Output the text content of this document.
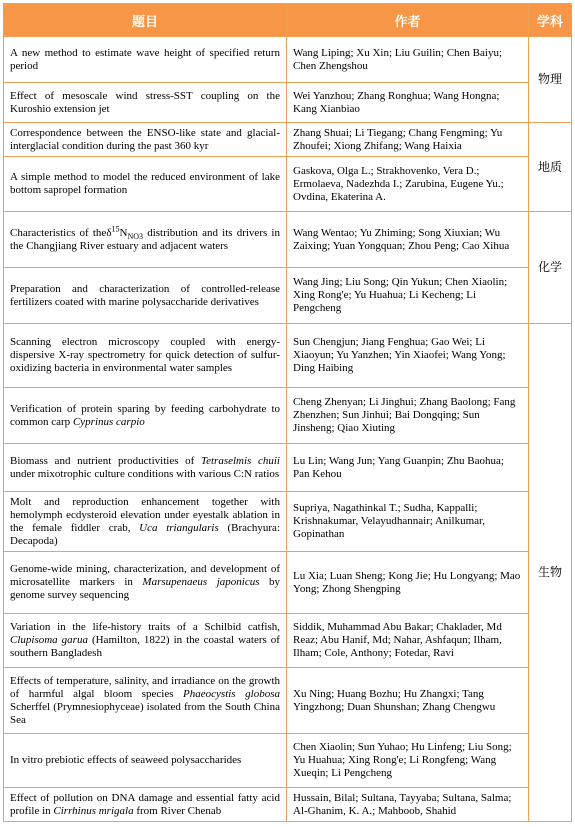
题目	作者	学科
A new method to estimate wave height of specified return period	Wang Liping; Xu Xin; Liu Guilin; Chen Baiyu; Chen Zhengshou	物理
Effect of mesoscale wind stress-SST coupling on the Kuroshio extension jet	Wei Yanzhou; Zhang Ronghua; Wang Hongna; Kang Xianbiao	
Correspondence between the ENSO-like state and glacial-interglacial condition during the past 360 kyr	Zhang Shuai; Li Tiegang; Chang Fengming; Yu Zhoufei; Xiong Zhifang; Wang Haixia	地质
A simple method to model the reduced environment of lake bottom sapropel formation	Gaskova, Olga L.; Strakhovenko, Vera D.; Ermolaeva, Nadezhda I.; Zarubina, Eugene Yu.; Ovdina, Ekaterina A.	
Characteristics of $the\delta^{15}N_{NO3}$ distribution and its drivers in the Changjiang River estuary and adjacent waters	Wang Wentao; Yu Zhiming; Song Xiuxian; Wu Zaixing; Yuan Yongquan; Zhou Peng; Cao Xihua	化学
Preparation and characterization of controlled-release fertilizers coated with marine polysaccharide derivatives	Wang Jing; Liu Song; Qin Yukun; Chen Xiaolin; Xing Rong'e; Yu Huahua; Li Kecheng; Li Pengcheng	
Scanning electron microscopy coupled with energy-dispersive X-ray spectrometry for quick detection of sulfur-oxidizing bacteria in environmental water samples	Sun Chengjun; Jiang Fenghua; Gao Wei; Li Xiaoyun; Yu Yanzhen; Yin Xiaofei; Wang Yong; Ding Haibing	生物
Verification of protein sparing by feeding carbohydrate to common carp Cyprinus carpio	Cheng Zhenyan; Li Jinghui; Zhang Baolong; Fang Zhenzhen; Sun Jinhui; Bai Dongqing; Sun Jinsheng; Qiao Xiuting	
Biomass and nutrient productivities of Tetraselmis chuii under mixotrophic culture conditions with various C:N ratios	Lu Lin; Wang Jun; Yang Guanpin; Zhu Baohua; Pan Kehou	
Molt and reproduction enhancement together with hemolymph ecdysteroid elevation under eyestalk ablation in the female fiddler crab, Uca triangularis (Brachyura: Decapoda)	Supriya, Nagathinkal T.; Sudha, Kappalli; Krishnakumar, Velayudhannair; Anilkumar, Gopinathan	
Genome-wide mining, characterization, and development of microsatellite markers in Marsupenaeus japonicus by genome survey sequencing	Lu Xia; Luan Sheng; Kong Jie; Hu Longyang; Mao Yong; Zhong Shengping	
Variation in the life-history traits of a Schilbid catfish, Clupisoma garua (Hamilton, 1822) in the coastal waters of southern Bangladesh	Siddik, Muhammad Abu Bakar; Chaklader, Md Reaz; Abu Hanif, Md; Nahar, Ashfaqun; Ilham, Ilham; Cole, Anthony; Fotedar, Ravi	
Effects of temperature, salinity, and irradiance on the growth of harmful algal bloom species Phaeocystis globosa Scherffel (Prymnesiophyceae) isolated from the South China Sea	Xu Ning; Huang Bozhu; Hu Zhangxi; Tang Yingzhong; Duan Shunshan; Zhang Chengwu	
In vitro prebiotic effects of seaweed polysaccharides	Chen Xiaolin; Sun Yuhao; Hu Linfeng; Liu Song; Yu Huahua; Xing Rong'e; Li Rongfeng; Wang Xueqin; Li Pengcheng	
Effect of pollution on DNA damage and essential fatty acid profile in Cirrhinus mrigala from River Chenab	Hussain, Bilal; Sultana, Tayyaba; Sultana, Salma; Al-Ghanim, K. A.; Mahboob, Shahid	
